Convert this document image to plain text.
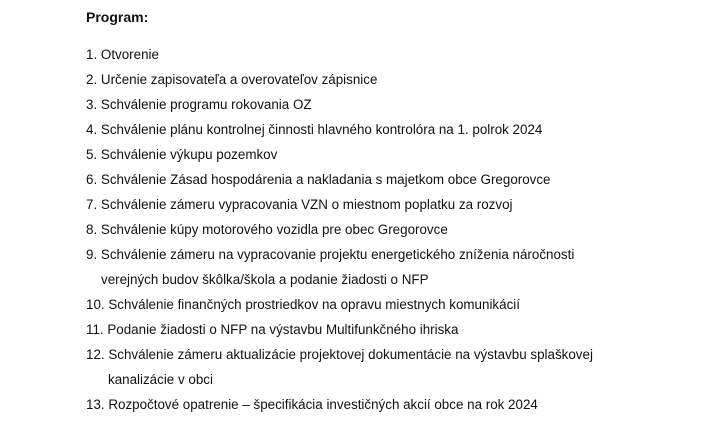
Program:
1. Otvorenie
2. Určenie zapisovateľa a overovateľov zápisnice
3. Schválenie programu rokovania OZ
4. Schválenie plánu kontrolnej činnosti hlavného kontrolóra na 1. polrok 2024
5. Schválenie výkupu pozemkov
6. Schválenie Zásad hospodárenia a nakladania s majetkom obce Gregorovce
7. Schválenie zámeru vypracovania VZN o miestnom poplatku za rozvoj
8. Schválenie kúpy motorového vozidla pre obec Gregorovce
9. Schválenie zámeru na vypracovanie projektu energetického zníženia náročnosti
verejných budov škôlka/škola a podanie žiadosti o NFP
10. Schválenie finančných prostriedkov na opravu miestnych komunikácií
11. Podanie žiadosti o NFP na výstavbu Multifunkčného ihriska
12. Schválenie zámeru aktualizácie projektovej dokumentácie na výstavbu splaškovej
kanalizácie v obci
13. Rozpočtové opatrenie – špecifikácia investičných akcií obce na rok 2024
